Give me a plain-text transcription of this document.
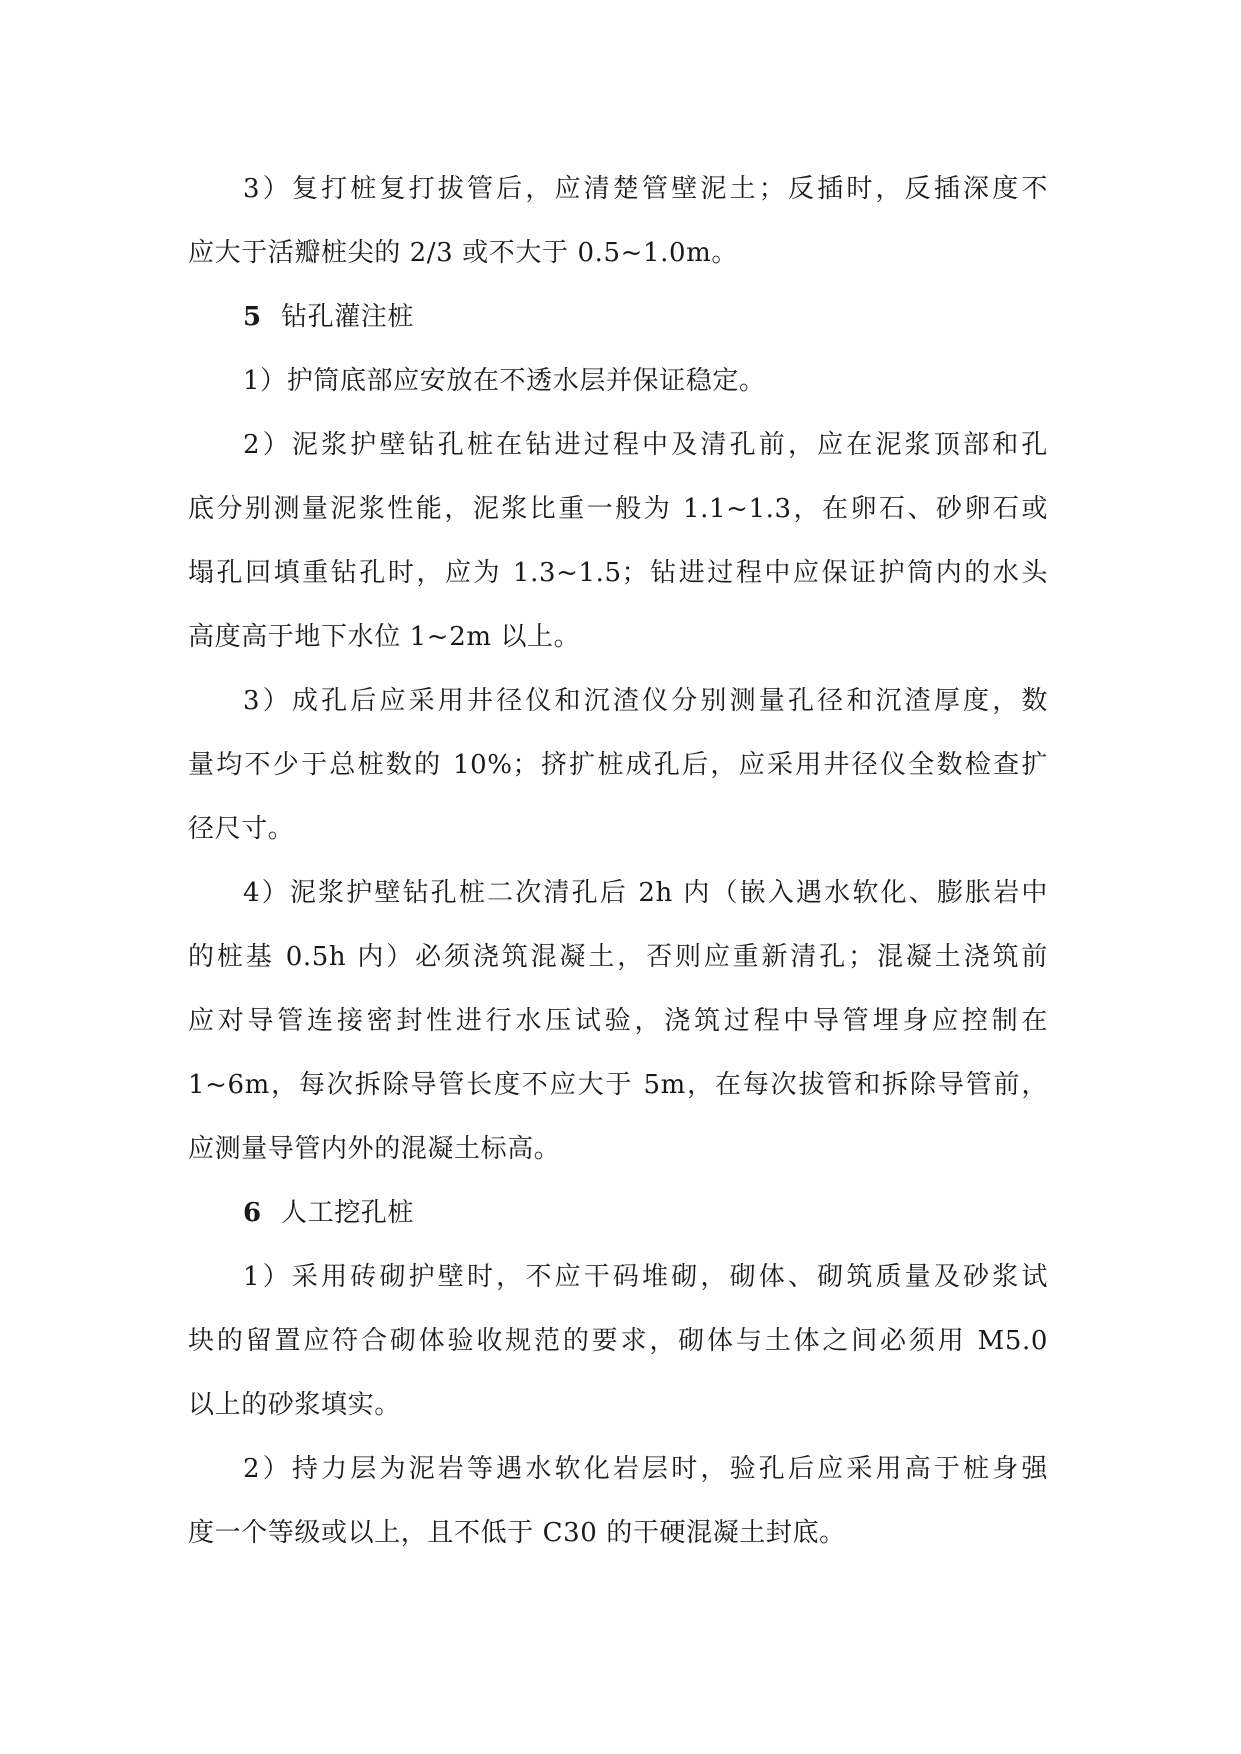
3）复打桩复打拔管后，应清楚管壁泥土；反插时，反插深度不
应大于活瓣桩尖的 2/3 或不大于 0.5~1.0m。
5 钻孔灌注桩
1）护筒底部应安放在不透水层并保证稳定。
2）泥浆护壁钻孔桩在钻进过程中及清孔前，应在泥浆顶部和孔
底分别测量泥浆性能，泥浆比重一般为 1.1~1.3，在卵石、砂卵石或
塌孔回填重钻孔时，应为 1.3~1.5；钻进过程中应保证护筒内的水头
高度高于地下水位 1~2m 以上。
3）成孔后应采用井径仪和沉渣仪分别测量孔径和沉渣厚度，数
量均不少于总桩数的 10%；挤扩桩成孔后，应采用井径仪全数检查扩
径尺寸。
4）泥浆护壁钻孔桩二次清孔后 2h 内（嵌入遇水软化、膨胀岩中
的桩基 0.5h 内）必须浇筑混凝土，否则应重新清孔；混凝土浇筑前
应对导管连接密封性进行水压试验，浇筑过程中导管埋身应控制在
1~6m，每次拆除导管长度不应大于 5m，在每次拔管和拆除导管前，
应测量导管内外的混凝土标高。
6 人工挖孔桩
1）采用砖砌护壁时，不应干码堆砌，砌体、砌筑质量及砂浆试
块的留置应符合砌体验收规范的要求，砌体与土体之间必须用 M5.0
以上的砂浆填实。
2）持力层为泥岩等遇水软化岩层时，验孔后应采用高于桩身强
度一个等级或以上，且不低于 C30 的干硬混凝土封底。
